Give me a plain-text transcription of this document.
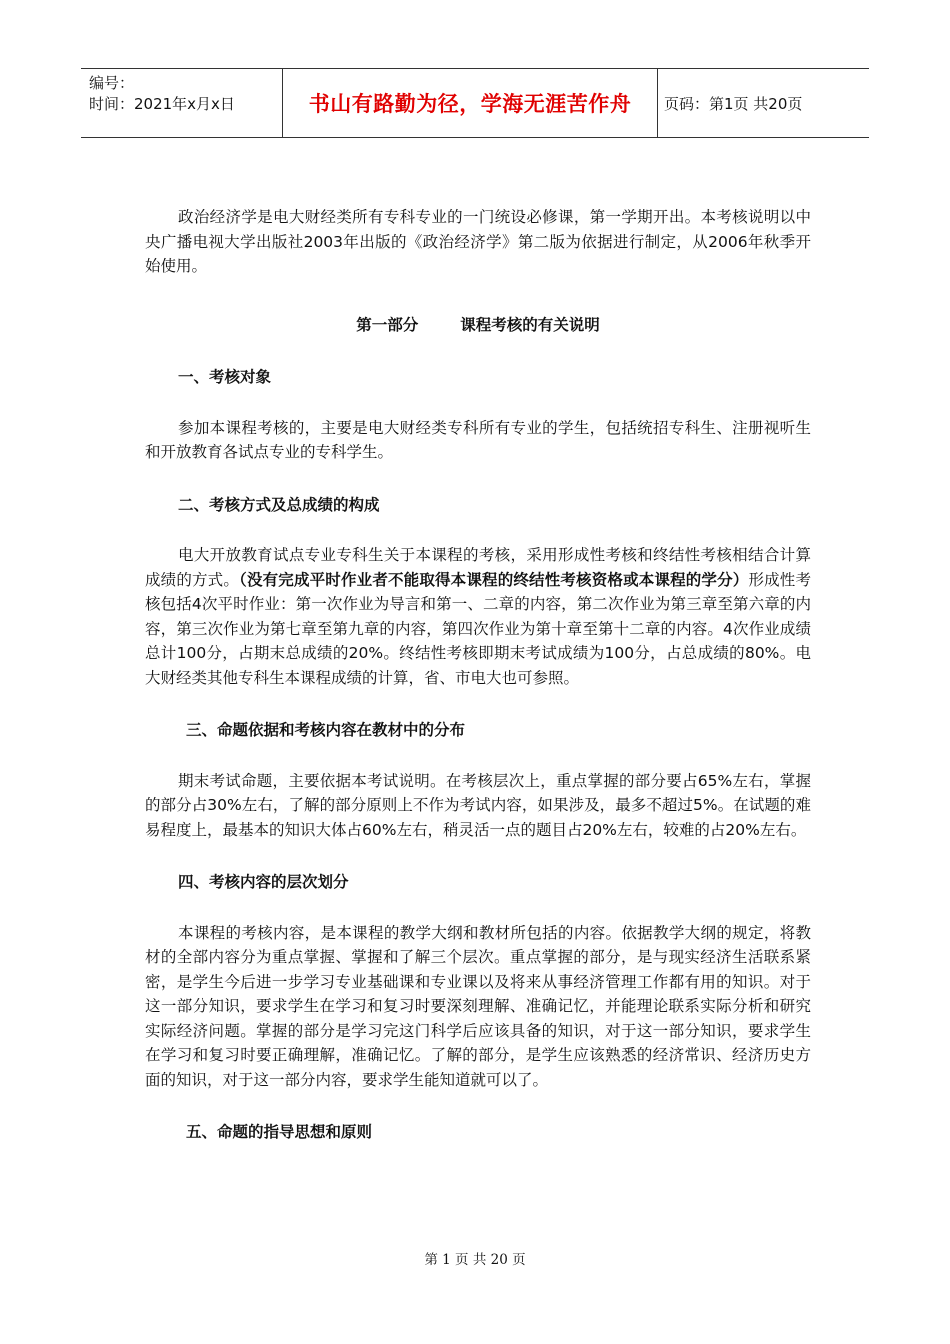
编号：
时间：2021年x月x日	书山有路勤为径，学海无涯苦作舟	页码：第1页 共20页

政治经济学是电大财经类所有专科专业的一门统设必修课，第一学期开出。本考核说明以中央广播电视大学出版社2003年出版的《政治经济学》第二版为依据进行制定，从2006年秋季开始使用。

第一部分	课程考核的有关说明
一、考核对象

参加本课程考核的，主要是电大财经类专科所有专业的学生，包括统招专科生、注册视听生和开放教育各试点专业的专科学生。

二、考核方式及总成绩的构成

电大开放教育试点专业专科生关于本课程的考核，采用形成性考核和终结性考核相结合计算成绩的方式。（没有完成平时作业者不能取得本课程的终结性考核资格或本课程的学分）形成性考核包括4次平时作业：第一次作业为导言和第一、二章的内容，第二次作业为第三章至第六章的内容，第三次作业为第七章至第九章的内容，第四次作业为第十章至第十二章的内容。4次作业成绩总计100分，占期末总成绩的20%。终结性考核即期末考试成绩为100分，占总成绩的80%。电大财经类其他专科生本课程成绩的计算，省、市电大也可参照。

三、命题依据和考核内容在教材中的分布

期末考试命题，主要依据本考试说明。在考核层次上，重点掌握的部分要占65%左右，掌握的部分占30%左右，了解的部分原则上不作为考试内容，如果涉及，最多不超过5%。在试题的难易程度上，最基本的知识大体占60%左右，稍灵活一点的题目占20%左右，较难的占20%左右。

四、考核内容的层次划分

本课程的考核内容，是本课程的教学大纲和教材所包括的内容。依据教学大纲的规定，将教材的全部内容分为重点掌握、掌握和了解三个层次。重点掌握的部分，是与现实经济生活联系紧密，是学生今后进一步学习专业基础课和专业课以及将来从事经济管理工作都有用的知识。对于这一部分知识，要求学生在学习和复习时要深刻理解、准确记忆，并能理论联系实际分析和研究实际经济问题。掌握的部分是学习完这门科学后应该具备的知识，对于这一部分知识，要求学生在学习和复习时要正确理解，准确记忆。了解的部分，是学生应该熟悉的经济常识、经济历史方面的知识，对于这一部分内容，要求学生能知道就可以了。

五、命题的指导思想和原则
第 1 页 共 20 页
